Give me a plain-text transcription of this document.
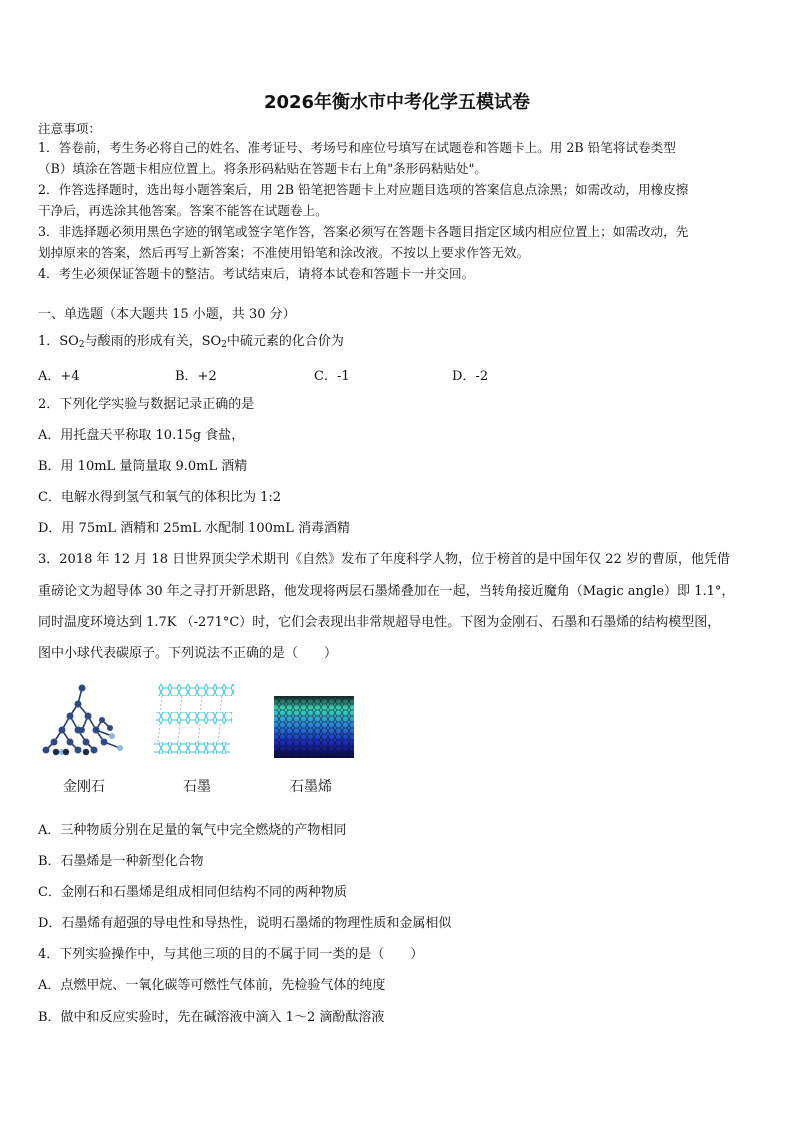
2026年衡水市中考化学五模试卷
注意事项：
1．答卷前，考生务必将自己的姓名、准考证号、考场号和座位号填写在试题卷和答题卡上。用 2B 铅笔将试卷类型
（B）填涂在答题卡相应位置上。将条形码粘贴在答题卡右上角"条形码粘贴处"。
2．作答选择题时，选出每小题答案后，用 2B 铅笔把答题卡上对应题目选项的答案信息点涂黑；如需改动，用橡皮擦
干净后，再选涂其他答案。答案不能答在试题卷上。
3．非选择题必须用黑色字迹的钢笔或签字笔作答，答案必须写在答题卡各题目指定区域内相应位置上；如需改动，先
划掉原来的答案，然后再写上新答案；不准使用铅笔和涂改液。不按以上要求作答无效。
4．考生必须保证答题卡的整洁。考试结束后，请将本试卷和答题卡一并交回。
一、单选题（本大题共 15 小题，共 30 分）
1．$SO_2$与酸雨的形成有关，$SO_2$中硫元素的化合价为
A．+4	B．+2	C．-1	D．-2
2．下列化学实验与数据记录正确的是
A．用托盘天平称取 10.15g 食盐，
B．用 10mL 量筒量取 9.0mL 酒精
C．电解水得到氢气和氧气的体积比为 1:2
D．用 75mL 酒精和 25mL 水配制 100mL 消毒酒精
3．2018 年 12 月 18 日世界顶尖学术期刊《自然》发布了年度科学人物，位于榜首的是中国年仅 22 岁的曹原，他凭借
重磅论文为超导体 30 年之寻打开新思路，他发现将两层石墨烯叠加在一起，当转角接近魔角（Magic angle）即 1.1°，
同时温度环境达到 1.7K （-271°C）时，它们会表现出非常规超导电性。下图为金刚石、石墨和石墨烯的结构模型图，
图中小球代表碳原子。下列说法不正确的是（　　）
金刚石	石墨	石墨烯
A．三种物质分别在足量的氧气中完全燃烧的产物相同
B．石墨烯是一种新型化合物
C．金刚石和石墨烯是组成相同但结构不同的两种物质
D．石墨烯有超强的导电性和导热性，说明石墨烯的物理性质和金属相似
4．下列实验操作中，与其他三项的目的不属于同一类的是（　　）
A．点燃甲烷、一氧化碳等可燃性气体前，先检验气体的纯度
B．做中和反应实验时，先在碱溶液中滴入 1～2 滴酚酞溶液
